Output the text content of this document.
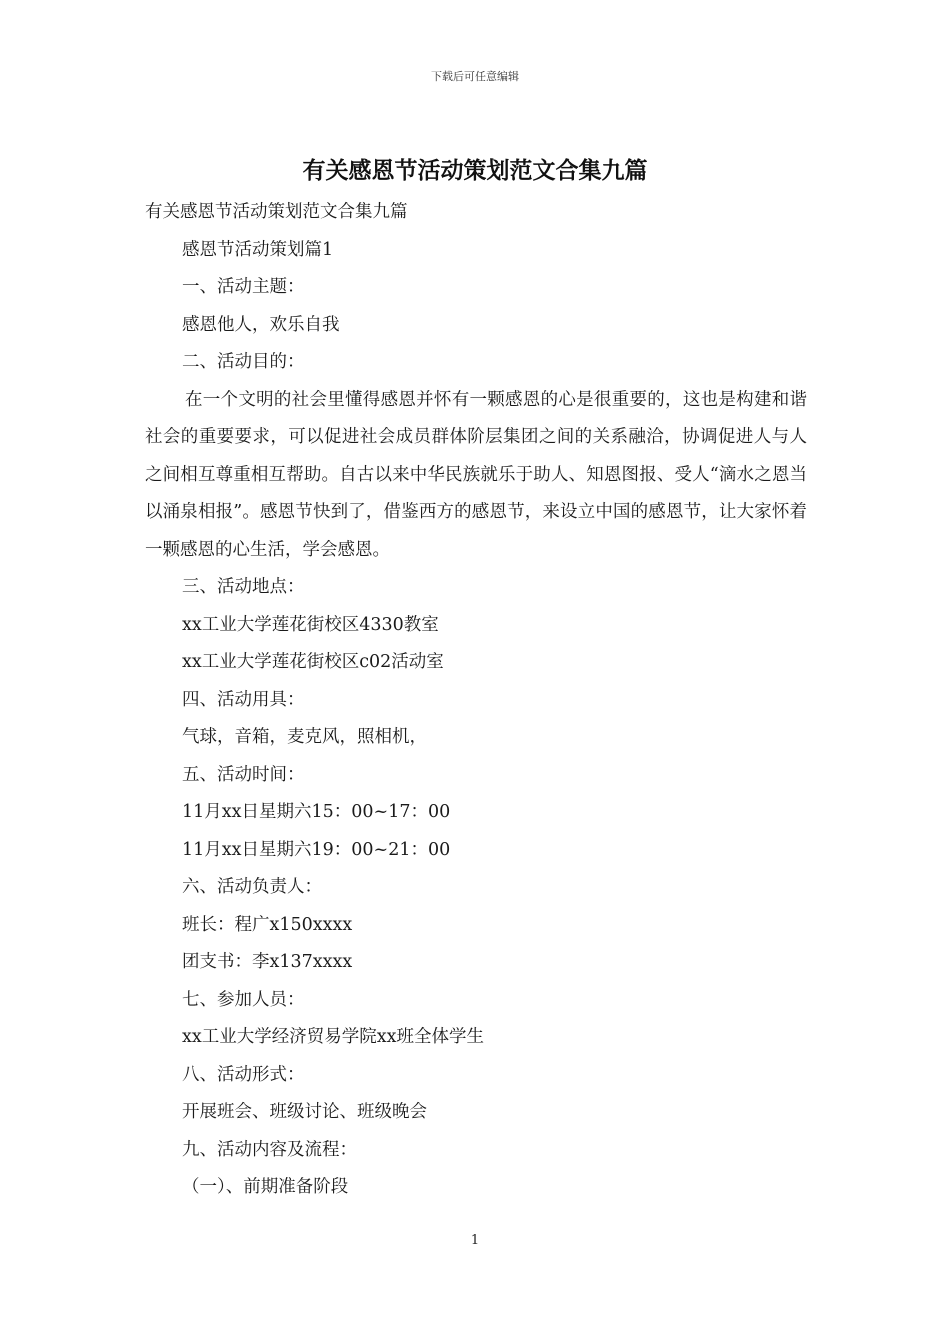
下载后可任意编辑
有关感恩节活动策划范文合集九篇
有关感恩节活动策划范文合集九篇
感恩节活动策划篇1
一、活动主题：
感恩他人，欢乐自我
二、活动目的：
在一个文明的社会里懂得感恩并怀有一颗感恩的心是很重要的，这也是构建和谐社会的重要要求，可以促进社会成员群体阶层集团之间的关系融洽，协调促进人与人之间相互尊重相互帮助。自古以来中华民族就乐于助人、知恩图报、受人“滴水之恩当以涌泉相报”。感恩节快到了，借鉴西方的感恩节，来设立中国的感恩节，让大家怀着一颗感恩的心生活，学会感恩。
三、活动地点：
xx工业大学莲花街校区4330教室
xx工业大学莲花街校区c02活动室
四、活动用具：
气球，音箱，麦克风，照相机，
五、活动时间：
11月xx日星期六15：00~17：00
11月xx日星期六19：00~21：00
六、活动负责人：
班长：程广x150xxxx
团支书：李x137xxxx
七、参加人员：
xx工业大学经济贸易学院xx班全体学生
八、活动形式：
开展班会、班级讨论、班级晚会
九、活动内容及流程：
（一）、前期准备阶段
1
